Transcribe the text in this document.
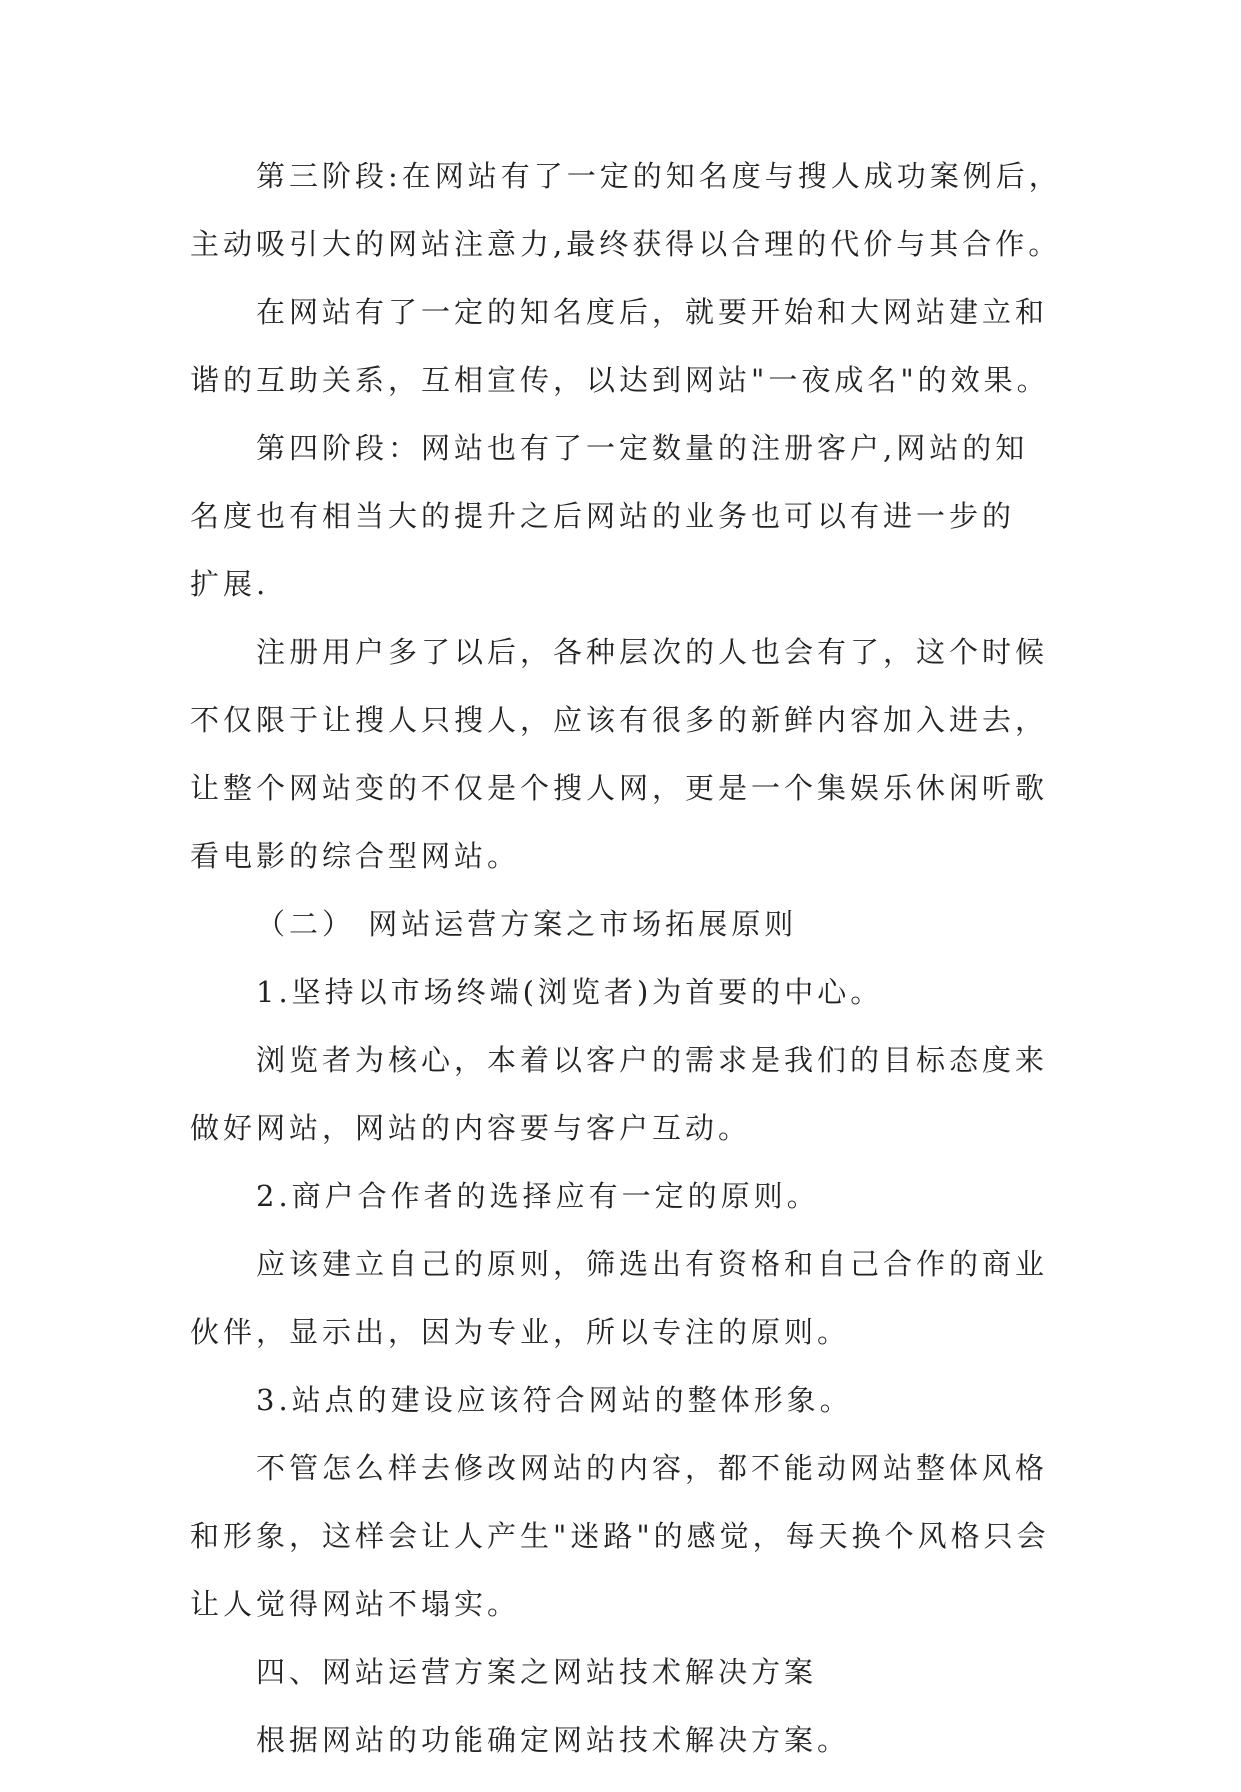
第三阶段:在网站有了一定的知名度与搜人成功案例后，
主动吸引大的网站注意力,最终获得以合理的代价与其合作。
在网站有了一定的知名度后，就要开始和大网站建立和
谐的互助关系，互相宣传，以达到网站"一夜成名"的效果。
第四阶段：网站也有了一定数量的注册客户,网站的知
名度也有相当大的提升之后网站的业务也可以有进一步的
扩展.
注册用户多了以后，各种层次的人也会有了，这个时候
不仅限于让搜人只搜人，应该有很多的新鲜内容加入进去，
让整个网站变的不仅是个搜人网，更是一个集娱乐休闲听歌
看电影的综合型网站。
（二） 网站运营方案之市场拓展原则
1.坚持以市场终端(浏览者)为首要的中心。
浏览者为核心，本着以客户的需求是我们的目标态度来
做好网站，网站的内容要与客户互动。
2.商户合作者的选择应有一定的原则。
应该建立自己的原则，筛选出有资格和自己合作的商业
伙伴，显示出，因为专业，所以专注的原则。
3.站点的建设应该符合网站的整体形象。
不管怎么样去修改网站的内容，都不能动网站整体风格
和形象，这样会让人产生"迷路"的感觉，每天换个风格只会
让人觉得网站不塌实。
四、网站运营方案之网站技术解决方案
根据网站的功能确定网站技术解决方案。
